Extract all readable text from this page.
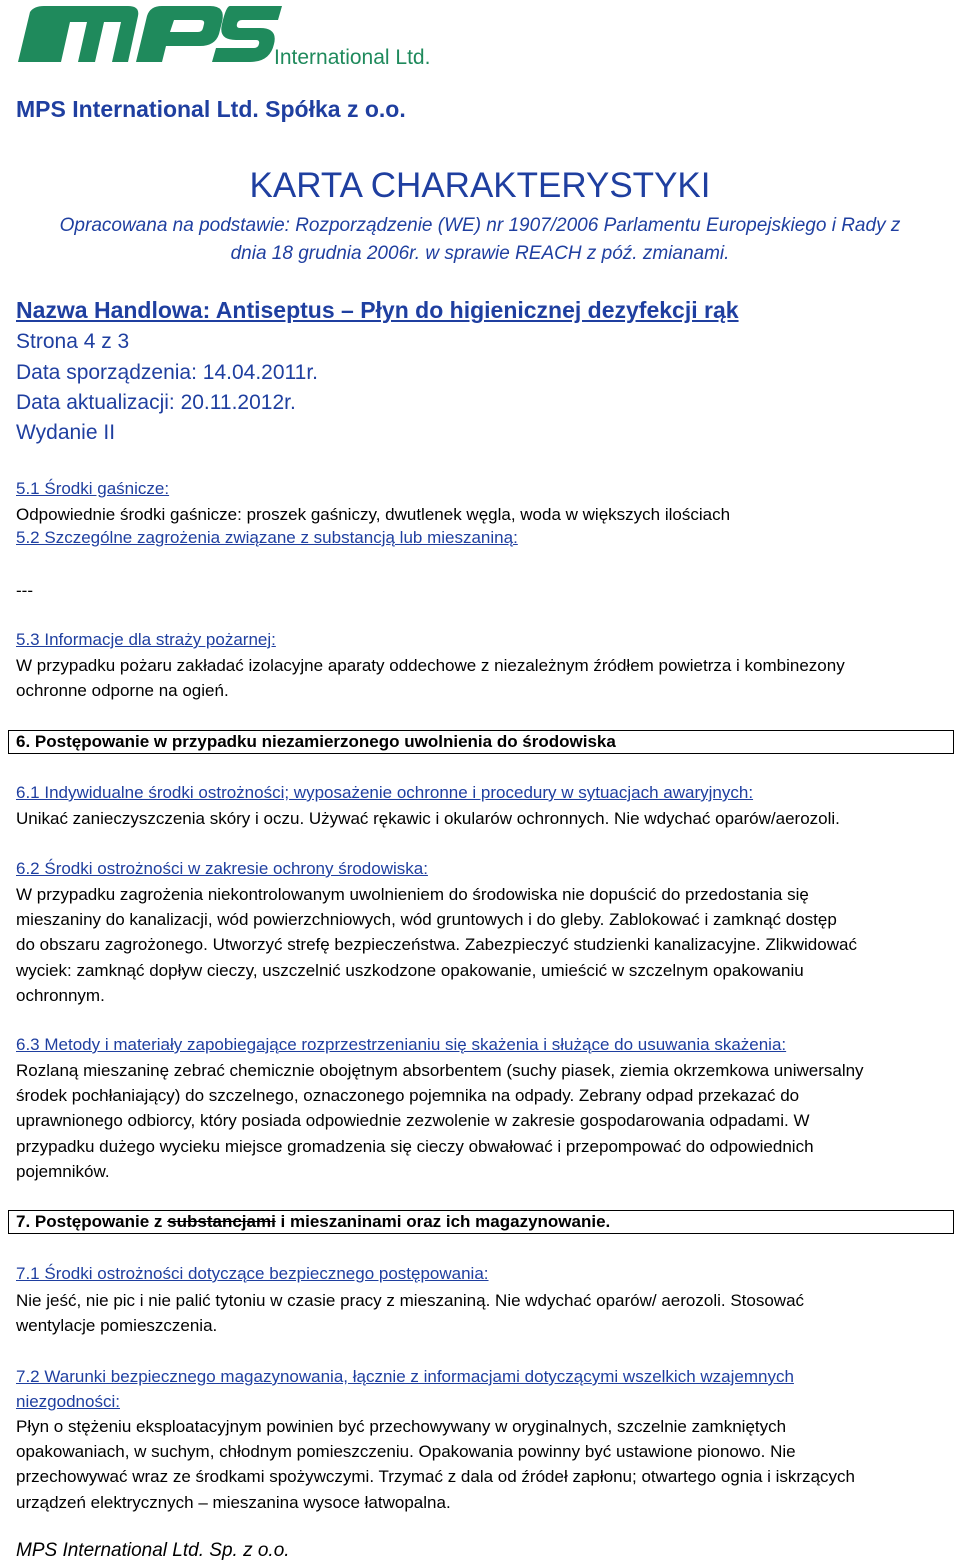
International Ltd.
MPS International Ltd. Spółka z o.o.
KARTA CHARAKTERYSTYKI
Opracowana na podstawie: Rozporządzenie (WE) nr 1907/2006 Parlamentu Europejskiego i Rady z
dnia 18 grudnia 2006r. w sprawie REACH z póź. zmianami.
Nazwa Handlowa: Antiseptus – Płyn do higienicznej dezyfekcji rąk
Strona 4 z 3
Data sporządzenia: 14.04.2011r.
Data aktualizacji: 20.11.2012r.
Wydanie II
5.1 Środki gaśnicze:
Odpowiednie środki gaśnicze: proszek gaśniczy, dwutlenek węgla, woda w większych ilościach
5.2 Szczególne zagrożenia związane z substancją lub mieszaniną:
---
5.3 Informacje dla straży pożarnej:
W przypadku pożaru zakładać izolacyjne aparaty oddechowe z niezależnym źródłem powietrza i kombinezony
ochronne odporne na ogień.
6. Postępowanie w przypadku niezamierzonego uwolnienia do środowiska
6.1 Indywidualne środki ostrożności; wyposażenie ochronne i procedury w sytuacjach awaryjnych:
Unikać zanieczyszczenia skóry i oczu. Używać rękawic i okularów ochronnych. Nie wdychać oparów/aerozoli.
6.2 Środki ostrożności w zakresie ochrony środowiska:
W przypadku zagrożenia niekontrolowanym uwolnieniem do środowiska nie dopuścić do przedostania się
mieszaniny do kanalizacji, wód powierzchniowych, wód gruntowych i do gleby. Zablokować i zamknąć dostęp
do obszaru zagrożonego. Utworzyć strefę bezpieczeństwa. Zabezpieczyć studzienki kanalizacyjne. Zlikwidować
wyciek: zamknąć dopływ cieczy, uszczelnić uszkodzone opakowanie, umieścić w szczelnym opakowaniu
ochronnym.
6.3 Metody i materiały zapobiegające rozprzestrzenianiu się skażenia i służące do usuwania skażenia:
Rozlaną mieszaninę zebrać chemicznie obojętnym absorbentem (suchy piasek, ziemia okrzemkowa uniwersalny
środek pochłaniający) do szczelnego, oznaczonego pojemnika na odpady. Zebrany odpad przekazać do
uprawnionego odbiorcy, który posiada odpowiednie zezwolenie w zakresie gospodarowania odpadami. W
przypadku dużego wycieku miejsce gromadzenia się cieczy obwałować i przepompować do odpowiednich
pojemników.
7. Postępowanie z substancjami i mieszaninami oraz ich magazynowanie.
7.1 Środki ostrożności dotyczące bezpiecznego postępowania:
Nie jeść, nie pic i nie palić tytoniu w czasie pracy z mieszaniną. Nie wdychać oparów/ aerozoli. Stosować
wentylacje pomieszczenia.
7.2 Warunki bezpiecznego magazynowania, łącznie z informacjami dotyczącymi wszelkich wzajemnych
niezgodności:
Płyn o stężeniu eksploatacyjnym powinien być przechowywany w oryginalnych, szczelnie zamkniętych
opakowaniach, w suchym, chłodnym pomieszczeniu. Opakowania powinny być ustawione pionowo. Nie
przechowywać wraz ze środkami spożywczymi. Trzymać z dala od źródeł zapłonu; otwartego ognia i iskrzących
urządzeń elektrycznych – mieszanina wysoce łatwopalna.
MPS International Ltd. Sp. z o.o.
